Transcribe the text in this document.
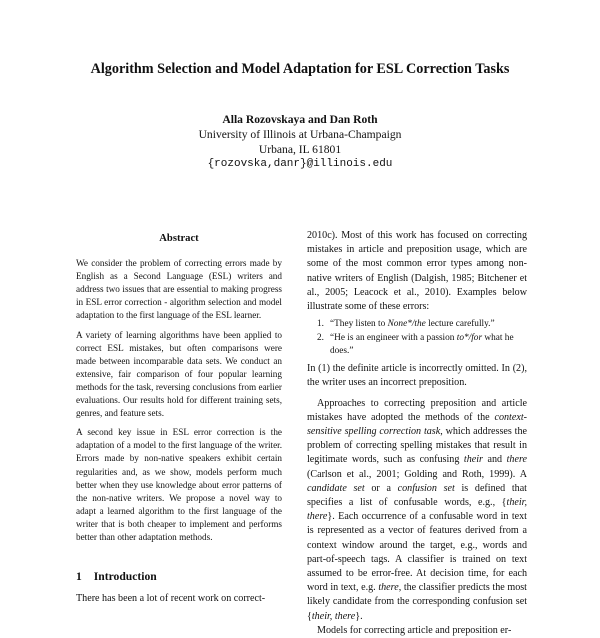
Algorithm Selection and Model Adaptation for ESL Correction Tasks
Alla Rozovskaya and Dan Roth
University of Illinois at Urbana-Champaign
Urbana, IL 61801
{rozovska,danr}@illinois.edu
Abstract

We consider the problem of correcting errors made by English as a Second Language (ESL) writers and address two issues that are essential to making progress in ESL error correction - algorithm selection and model adaptation to the first language of the ESL learner.

A variety of learning algorithms have been applied to correct ESL mistakes, but often comparisons were made between incomparable data sets. We conduct an extensive, fair comparison of four popular learning methods for the task, reversing conclusions from earlier evaluations. Our results hold for different training sets, genres, and feature sets.

A second key issue in ESL error correction is the adaptation of a model to the first language of the writer. Errors made by non-native speakers exhibit certain regularities and, as we show, models perform much better when they use knowledge about error patterns of the non-native writers. We propose a novel way to adapt a learned algorithm to the first language of the writer that is both cheaper to implement and performs better than other adaptation methods.

1 Introduction
There has been a lot of recent work on correct-

2010c). Most of this work has focused on correcting mistakes in article and preposition usage, which are some of the most common error types among non-native writers of English (Dalgish, 1985; Bitchener et al., 2005; Leacock et al., 2010). Examples below illustrate some of these errors:

1. “They listen to None*/the lecture carefully.”
2. “He is an engineer with a passion to*/for what he does.”

In (1) the definite article is incorrectly omitted. In (2), the writer uses an incorrect preposition.

Approaches to correcting preposition and article mistakes have adopted the methods of the context-sensitive spelling correction task, which addresses the problem of correcting spelling mistakes that result in legitimate words, such as confusing their and there (Carlson et al., 2001; Golding and Roth, 1999). A candidate set or a confusion set is defined that specifies a list of confusable words, e.g., {their, there}. Each occurrence of a confusable word in text is represented as a vector of features derived from a context window around the target, e.g., words and part-of-speech tags. A classifier is trained on text assumed to be error-free. At decision time, for each word in text, e.g. there, the classifier predicts the most likely candidate from the corresponding confusion set {their, there}.

Models for correcting article and preposition er-
